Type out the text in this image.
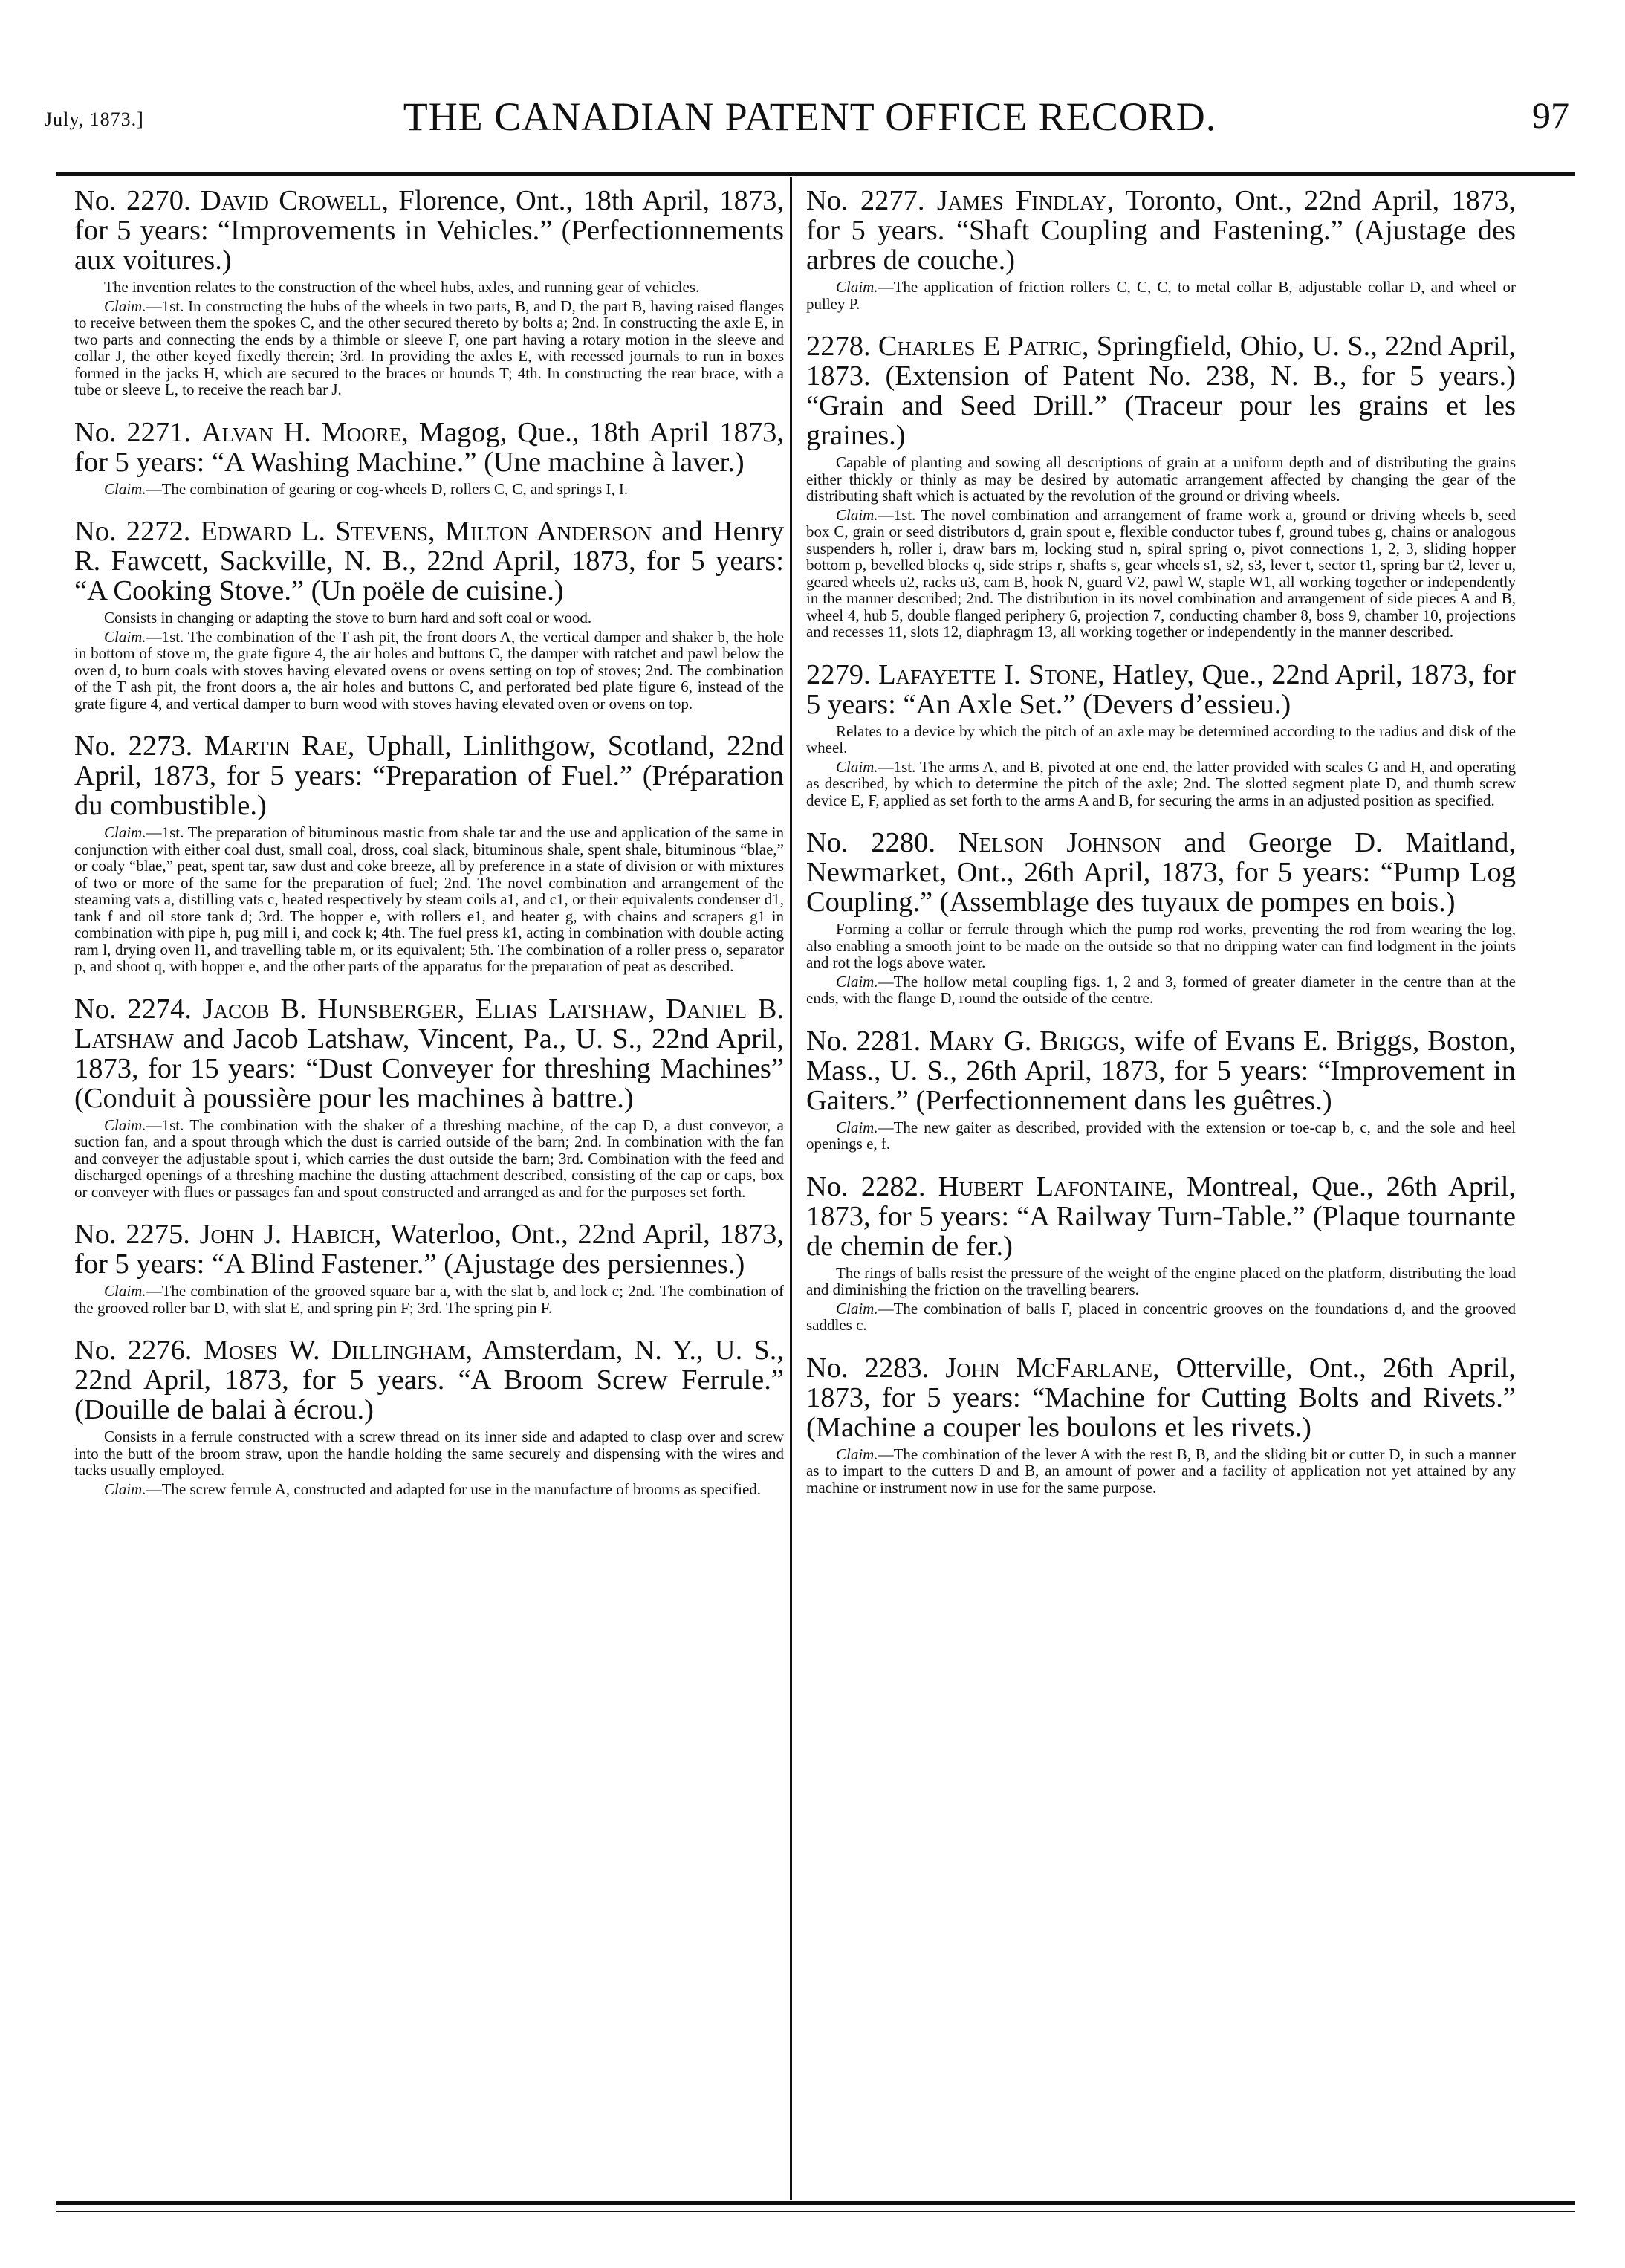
July, 1873.]	THE CANADIAN PATENT OFFICE RECORD.	97
No. 2270. David Crowell, Florence, Ont., 18th April, 1873, for 5 years: “Improvements in Vehicles.” (Perfectionnements aux voitures.)
The invention relates to the construction of the wheel hubs, axles, and running gear of vehicles.
Claim.—1st. In constructing the hubs of the wheels in two parts, B, and D, the part B, having raised flanges to receive between them the spokes C, and the other secured thereto by bolts a; 2nd. In constructing the axle E, in two parts and connecting the ends by a thimble or sleeve F, one part having a rotary motion in the sleeve and collar J, the other keyed fixedly therein; 3rd. In providing the axles E, with recessed journals to run in boxes formed in the jacks H, which are secured to the braces or hounds T; 4th. In constructing the rear brace, with a tube or sleeve L, to receive the reach bar J.
No. 2271. Alvan H. Moore, Magog, Que., 18th April 1873, for 5 years: “A Washing Machine.” (Une machine à laver.)
Claim.—The combination of gearing or cog-wheels D, rollers C, C, and springs I, I.
No. 2272. Edward L. Stevens, Milton Anderson and Henry R. Fawcett, Sackville, N. B., 22nd April, 1873, for 5 years: “A Cooking Stove.” (Un poële de cuisine.)
Consists in changing or adapting the stove to burn hard and soft coal or wood.
Claim.—1st. The combination of the T ash pit, the front doors A, the vertical damper and shaker b, the hole in bottom of stove m, the grate figure 4, the air holes and buttons C, the damper with ratchet and pawl below the oven d, to burn coals with stoves having elevated ovens or ovens setting on top of stoves; 2nd. The combination of the T ash pit, the front doors a, the air holes and buttons C, and perforated bed plate figure 6, instead of the grate figure 4, and vertical damper to burn wood with stoves having elevated oven or ovens on top.
No. 2273. Martin Rae, Uphall, Linlithgow, Scotland, 22nd April, 1873, for 5 years: “Preparation of Fuel.” (Préparation du combustible.)
Claim.—1st. The preparation of bituminous mastic from shale tar and the use and application of the same in conjunction with either coal dust, small coal, dross, coal slack, bituminous shale, spent shale, bituminous “blae,” or coaly “blae,” peat, spent tar, saw dust and coke breeze, all by preference in a state of division or with mixtures of two or more of the same for the preparation of fuel; 2nd. The novel combination and arrangement of the steaming vats a, distilling vats c, heated respectively by steam coils a1, and c1, or their equivalents condenser d1, tank f and oil store tank d; 3rd. The hopper e, with rollers e1, and heater g, with chains and scrapers g1 in combination with pipe h, pug mill i, and cock k; 4th. The fuel press k1, acting in combination with double acting ram l, drying oven l1, and travelling table m, or its equivalent; 5th. The combination of a roller press o, separator p, and shoot q, with hopper e, and the other parts of the apparatus for the preparation of peat as described.
No. 2274. Jacob B. Hunsberger, Elias Latshaw, Daniel B. Latshaw and Jacob Latshaw, Vincent, Pa., U. S., 22nd April, 1873, for 15 years: “Dust Conveyer for threshing Machines” (Conduit à poussière pour les machines à battre.)
Claim.—1st. The combination with the shaker of a threshing machine, of the cap D, a dust conveyor, a suction fan, and a spout through which the dust is carried outside of the barn; 2nd. In combination with the fan and conveyer the adjustable spout i, which carries the dust outside the barn; 3rd. Combination with the feed and discharged openings of a threshing machine the dusting attachment described, consisting of the cap or caps, box or conveyer with flues or passages fan and spout constructed and arranged as and for the purposes set forth.
No. 2275. John J. Habich, Waterloo, Ont., 22nd April, 1873, for 5 years: “A Blind Fastener.” (Ajustage des persiennes.)
Claim.—The combination of the grooved square bar a, with the slat b, and lock c; 2nd. The combination of the grooved roller bar D, with slat E, and spring pin F; 3rd. The spring pin F.
No. 2276. Moses W. Dillingham, Amsterdam, N. Y., U. S., 22nd April, 1873, for 5 years. “A Broom Screw Ferrule.” (Douille de balai à écrou.)
Consists in a ferrule constructed with a screw thread on its inner side and adapted to clasp over and screw into the butt of the broom straw, upon the handle holding the same securely and dispensing with the wires and tacks usually employed.
Claim.—The screw ferrule A, constructed and adapted for use in the manufacture of brooms as specified.
No. 2277. James Findlay, Toronto, Ont., 22nd April, 1873, for 5 years. “Shaft Coupling and Fastening.” (Ajustage des arbres de couche.)
Claim.—The application of friction rollers C, C, C, to metal collar B, adjustable collar D, and wheel or pulley P.
2278. Charles E Patric, Springfield, Ohio, U. S., 22nd April, 1873. (Extension of Patent No. 238, N. B., for 5 years.) “Grain and Seed Drill.” (Traceur pour les grains et les graines.)
Capable of planting and sowing all descriptions of grain at a uniform depth and of distributing the grains either thickly or thinly as may be desired by automatic arrangement affected by changing the gear of the distributing shaft which is actuated by the revolution of the ground or driving wheels.
Claim.—1st. The novel combination and arrangement of frame work a, ground or driving wheels b, seed box C, grain or seed distributors d, grain spout e, flexible conductor tubes f, ground tubes g, chains or analogous suspenders h, roller i, draw bars m, locking stud n, spiral spring o, pivot connections 1, 2, 3, sliding hopper bottom p, bevelled blocks q, side strips r, shafts s, gear wheels s1, s2, s3, lever t, sector t1, spring bar t2, lever u, geared wheels u2, racks u3, cam B, hook N, guard V2, pawl W, staple W1, all working together or independently in the manner described; 2nd. The distribution in its novel combination and arrangement of side pieces A and B, wheel 4, hub 5, double flanged periphery 6, projection 7, conducting chamber 8, boss 9, chamber 10, projections and recesses 11, slots 12, diaphragm 13, all working together or independently in the manner described.
2279. Lafayette I. Stone, Hatley, Que., 22nd April, 1873, for 5 years: “An Axle Set.” (Devers d’essieu.)
Relates to a device by which the pitch of an axle may be determined according to the radius and disk of the wheel.
Claim.—1st. The arms A, and B, pivoted at one end, the latter provided with scales G and H, and operating as described, by which to determine the pitch of the axle; 2nd. The slotted segment plate D, and thumb screw device E, F, applied as set forth to the arms A and B, for securing the arms in an adjusted position as specified.
No. 2280. Nelson Johnson and George D. Maitland, Newmarket, Ont., 26th April, 1873, for 5 years: “Pump Log Coupling.” (Assemblage des tuyaux de pompes en bois.)
Forming a collar or ferrule through which the pump rod works, preventing the rod from wearing the log, also enabling a smooth joint to be made on the outside so that no dripping water can find lodgment in the joints and rot the logs above water.
Claim.—The hollow metal coupling figs. 1, 2 and 3, formed of greater diameter in the centre than at the ends, with the flange D, round the outside of the centre.
No. 2281. Mary G. Briggs, wife of Evans E. Briggs, Boston, Mass., U. S., 26th April, 1873, for 5 years: “Improvement in Gaiters.” (Perfectionnement dans les guêtres.)
Claim.—The new gaiter as described, provided with the extension or toe-cap b, c, and the sole and heel openings e, f.
No. 2282. Hubert Lafontaine, Montreal, Que., 26th April, 1873, for 5 years: “A Railway Turn-Table.” (Plaque tournante de chemin de fer.)
The rings of balls resist the pressure of the weight of the engine placed on the platform, distributing the load and diminishing the friction on the travelling bearers.
Claim.—The combination of balls F, placed in concentric grooves on the foundations d, and the grooved saddles c.
No. 2283. John McFarlane, Otterville, Ont., 26th April, 1873, for 5 years: “Machine for Cutting Bolts and Rivets.” (Machine a couper les boulons et les rivets.)
Claim.—The combination of the lever A with the rest B, B, and the sliding bit or cutter D, in such a manner as to impart to the cutters D and B, an amount of power and a facility of application not yet attained by any machine or instrument now in use for the same purpose.
